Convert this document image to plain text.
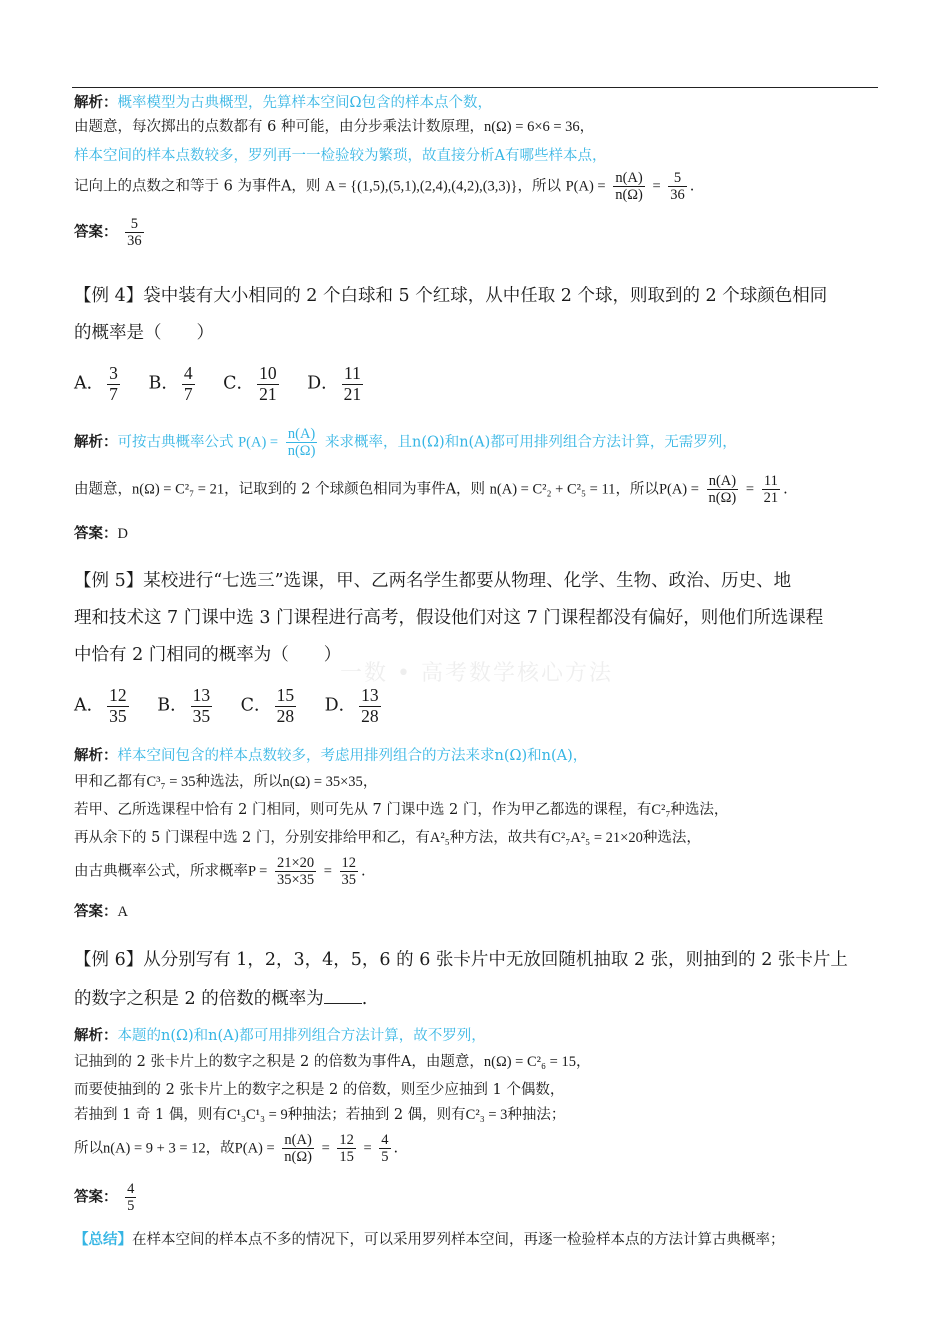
一数 • 高考数学核心方法
解析：概率模型为古典概型，先算样本空间Ω包含的样本点个数，
由题意，每次掷出的点数都有 6 种可能，由分步乘法计数原理，n(Ω) = 6×6 = 36，
样本空间的样本点数较多，罗列再一一检验较为繁琐，故直接分析A有哪些样本点，
记向上的点数之和等于 6 为事件A，则 A = {(1,5),(5,1),(2,4),(4,2),(3,3)}，所以 $P(A) = \frac{n(A)}{n(\Omega)} = \frac{5}{36}$ .
答案： $\frac{5}{36}$
【例 4】袋中装有大小相同的 2 个白球和 5 个红球，从中任取 2 个球，则取到的 2 个球颜色相同
的概率是（　　）
A． $\frac{3}{7}$ B． $\frac{4}{7}$ C． $\frac{10}{21}$ D． $\frac{11}{21}$
解析：可按古典概率公式 $P(A) = \frac{n(A)}{n(\Omega)}$ 来求概率，且n(Ω)和n(A)都可用排列组合方法计算，无需罗列，
由题意，n(Ω) = C²₇ = 21，记取到的 2 个球颜色相同为事件A，则 n(A) = C²₂ + C²₅ = 11，所以$P(A) = \frac{n(A)}{n(\Omega)} = \frac{11}{21}$ .
答案：D
【例 5】某校进行“七选三”选课，甲、乙两名学生都要从物理、化学、生物、政治、历史、地
理和技术这 7 门课中选 3 门课程进行高考，假设他们对这 7 门课程都没有偏好，则他们所选课程
中恰有 2 门相同的概率为（　　）
A． $\frac{12}{35}$ B． $\frac{13}{35}$ C． $\frac{15}{28}$ D． $\frac{13}{28}$
解析：样本空间包含的样本点数较多，考虑用排列组合的方法来求n(Ω)和n(A)，
甲和乙都有C³₇ = 35种选法，所以n(Ω) = 35×35，
若甲、乙所选课程中恰有 2 门相同，则可先从 7 门课中选 2 门，作为甲乙都选的课程，有C²₇种选法，
再从余下的 5 门课程中选 2 门，分别安排给甲和乙，有A²₅种方法，故共有C²₇A²₅ = 21×20种选法，
由古典概率公式，所求概率$P = \frac{21\times 20}{35\times 35} = \frac{12}{35}$ .
答案：A
【例 6】从分别写有 1，2，3，4，5，6 的 6 张卡片中无放回随机抽取 2 张，则抽到的 2 张卡片上
的数字之积是 2 的倍数的概率为 .
解析：本题的n(Ω)和n(A)都可用排列组合方法计算，故不罗列，
记抽到的 2 张卡片上的数字之积是 2 的倍数为事件A，由题意，n(Ω) = C²₆ = 15，
而要使抽到的 2 张卡片上的数字之积是 2 的倍数，则至少应抽到 1 个偶数，
若抽到 1 奇 1 偶，则有C¹₃C¹₃ = 9种抽法；若抽到 2 偶，则有C²₃ = 3种抽法；
所以n(A) = 9 + 3 = 12，故$P(A) = \frac{n(A)}{n(\Omega)} = \frac{12}{15} = \frac{4}{5}$ .
答案： $\frac{4}{5}$
【总结】在样本空间的样本点不多的情况下，可以采用罗列样本空间，再逐一检验样本点的方法计算古典概率；
